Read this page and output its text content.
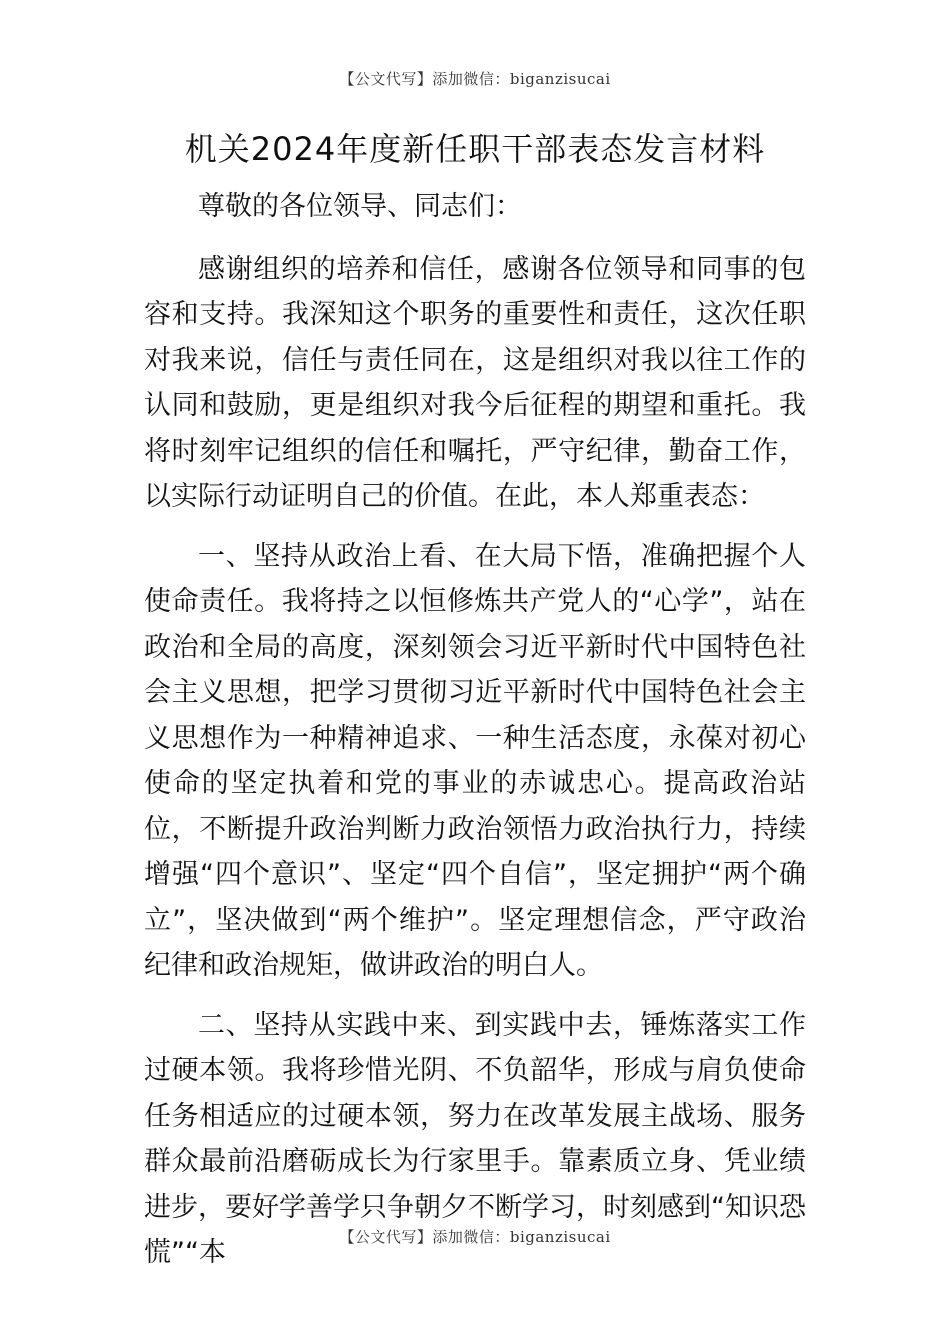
【公文代写】添加微信：biganzisucai
机关2024年度新任职干部表态发言材料

尊敬的各位领导、同志们：

感谢组织的培养和信任，感谢各位领导和同事的包容和支持。我深知这个职务的重要性和责任，这次任职对我来说，信任与责任同在，这是组织对我以往工作的认同和鼓励，更是组织对我今后征程的期望和重托。我将时刻牢记组织的信任和嘱托，严守纪律，勤奋工作，以实际行动证明自己的价值。在此，本人郑重表态：

一、坚持从政治上看、在大局下悟，准确把握个人使命责任。我将持之以恒修炼共产党人的“心学”，站在政治和全局的高度，深刻领会习近平新时代中国特色社会主义思想，把学习贯彻习近平新时代中国特色社会主义思想作为一种精神追求、一种生活态度，永葆对初心使命的坚定执着和党的事业的赤诚忠心。提高政治站位，不断提升政治判断力政治领悟力政治执行力，持续增强“四个意识”、坚定“四个自信”，坚定拥护“两个确立”，坚决做到“两个维护”。坚定理想信念，严守政治纪律和政治规矩，做讲政治的明白人。

二、坚持从实践中来、到实践中去，锤炼落实工作过硬本领。我将珍惜光阴、不负韶华，形成与肩负使命任务相适应的过硬本领，努力在改革发展主战场、服务群众最前沿磨砺成长为行家里手。靠素质立身、凭业绩进步，要好学善学只争朝夕不断学习，时刻感到“知识恐慌”“本	【公文代写】添加微信：biganzisucai
